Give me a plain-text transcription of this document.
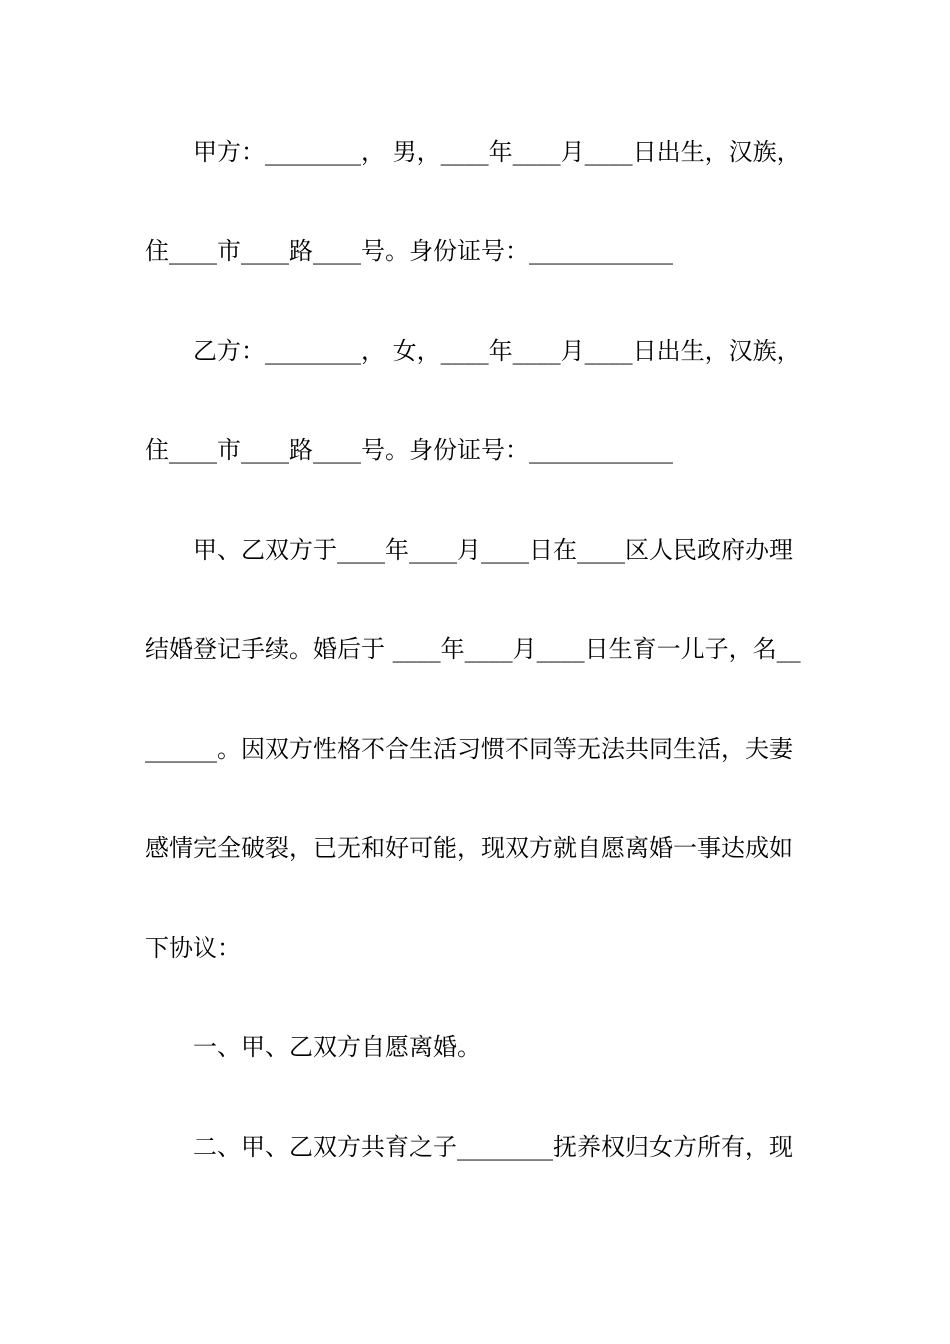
甲方：________， 男，____年____月____日出生，汉族，
住____市____路____号。身份证号：____________
乙方：________， 女，____年____月____日出生，汉族，
住____市____路____号。身份证号：____________
甲、乙双方于____年____月____日在____区人民政府办理
结婚登记手续。婚后于 ____年____月____日生育一儿子，名__
______。因双方性格不合生活习惯不同等无法共同生活，夫妻
感情完全破裂，已无和好可能，现双方就自愿离婚一事达成如
下协议：
一、甲、乙双方自愿离婚。
二、甲、乙双方共育之子________抚养权归女方所有，现
